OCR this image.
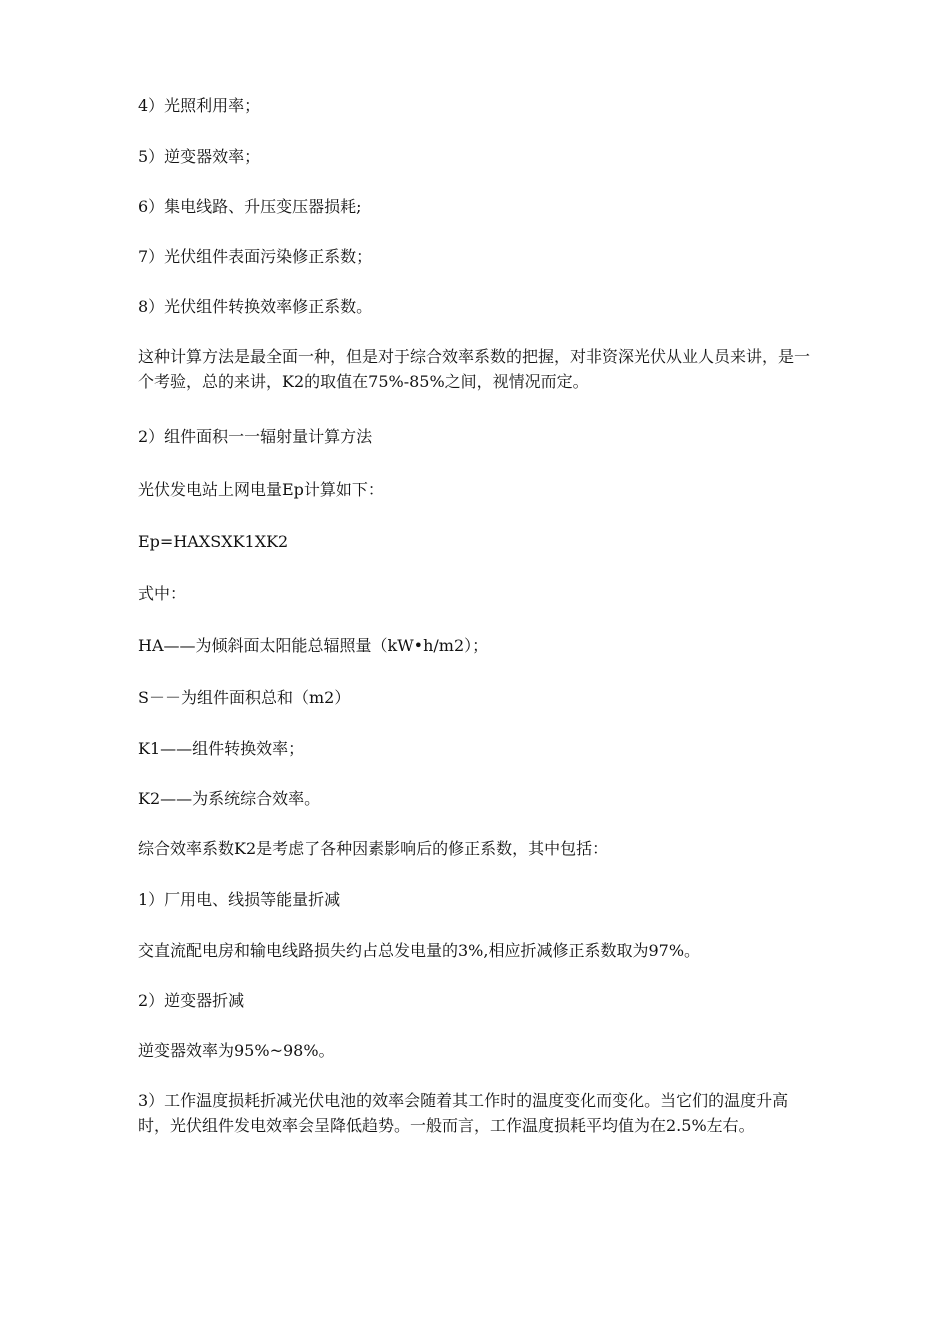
4）光照利用率；

5）逆变器效率；

6）集电线路、升压变压器损耗;

7）光伏组件表面污染修正系数；

8）光伏组件转换效率修正系数。

这种计算方法是最全面一种，但是对于综合效率系数的把握，对非资深光伏从业人员来讲，是一个考验，总的来讲，K2的取值在75%-85%之间，视情况而定。

2）组件面积一一辐射量计算方法

光伏发电站上网电量Ep计算如下：

Ep=HAXSXK1XK2

式中：

HA——为倾斜面太阳能总辐照量（kW•h/m2）；

S－－为组件面积总和（m2）

K1——组件转换效率；

K2——为系统综合效率。

综合效率系数K2是考虑了各种因素影响后的修正系数，其中包括：

1）厂用电、线损等能量折减

交直流配电房和输电线路损失约占总发电量的3%,相应折减修正系数取为97%。

2）逆变器折减

逆变器效率为95%~98%。

3）工作温度损耗折减光伏电池的效率会随着其工作时的温度变化而变化。当它们的温度升高时，光伏组件发电效率会呈降低趋势。一般而言，工作温度损耗平均值为在2.5%左右。
